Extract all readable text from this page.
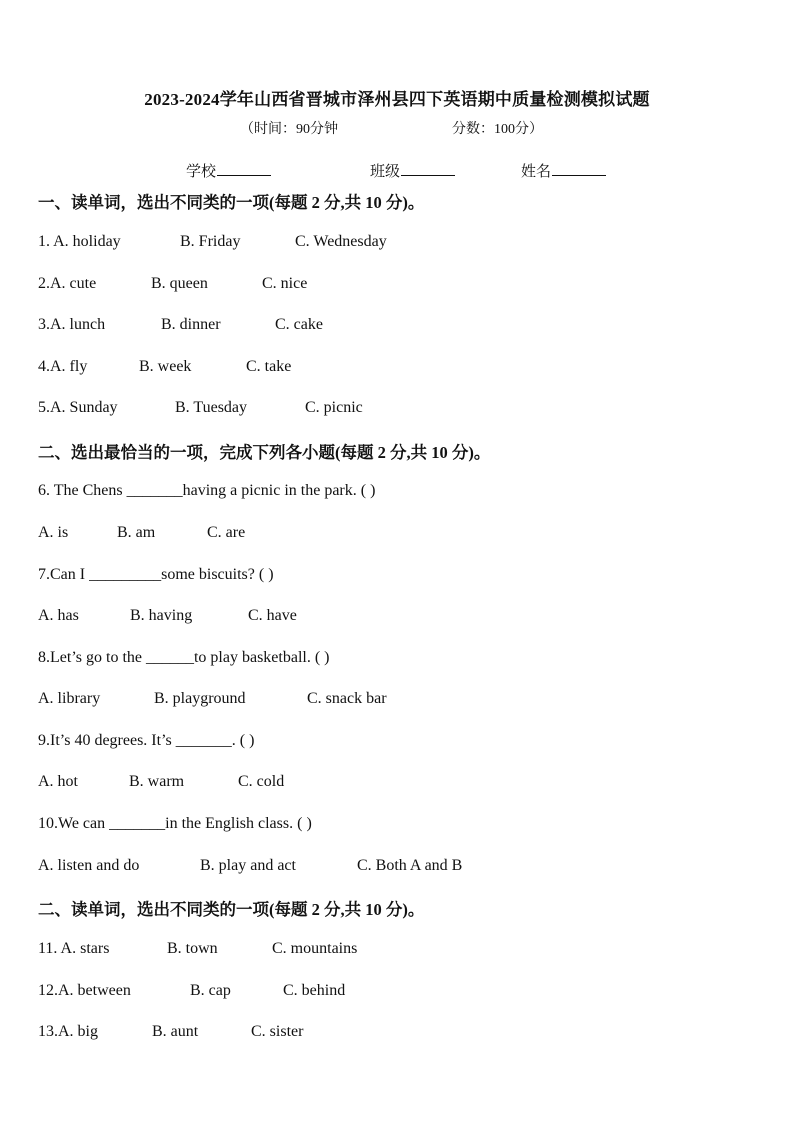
2023-2024学年山西省晋城市泽州县四下英语期中质量检测模拟试题
（时间：90分钟	分数：100分）
学校	班级	姓名
一、读单词，选出不同类的一项(每题 2 分,共 10 分)。
1. A. holiday	B. Friday	C. Wednesday
2.A. cute	B. queen	C. nice
3.A. lunch	B. dinner	C. cake
4.A. fly	B. week	C. take
5.A. Sunday	B. Tuesday	C. picnic
二、选出最恰当的一项，完成下列各小题(每题 2 分,共 10 分)。
6. The Chens _______having a picnic in the park. ( )
A. is	B. am	C. are
7.Can I _________some biscuits? ( )
A. has	B. having	C. have
8.Let’s go to the ______to play basketball. ( )
A. library	B. playground	C. snack bar
9.It’s 40 degrees. It’s _______. ( )
A. hot	B. warm	C. cold
10.We can _______in the English class. ( )
A. listen and do	B. play and act	C. Both A and B
二、读单词，选出不同类的一项(每题 2 分,共 10 分)。
11. A. stars	B. town	C. mountains
12.A. between	B. cap	C. behind
13.A. big	B. aunt	C. sister
